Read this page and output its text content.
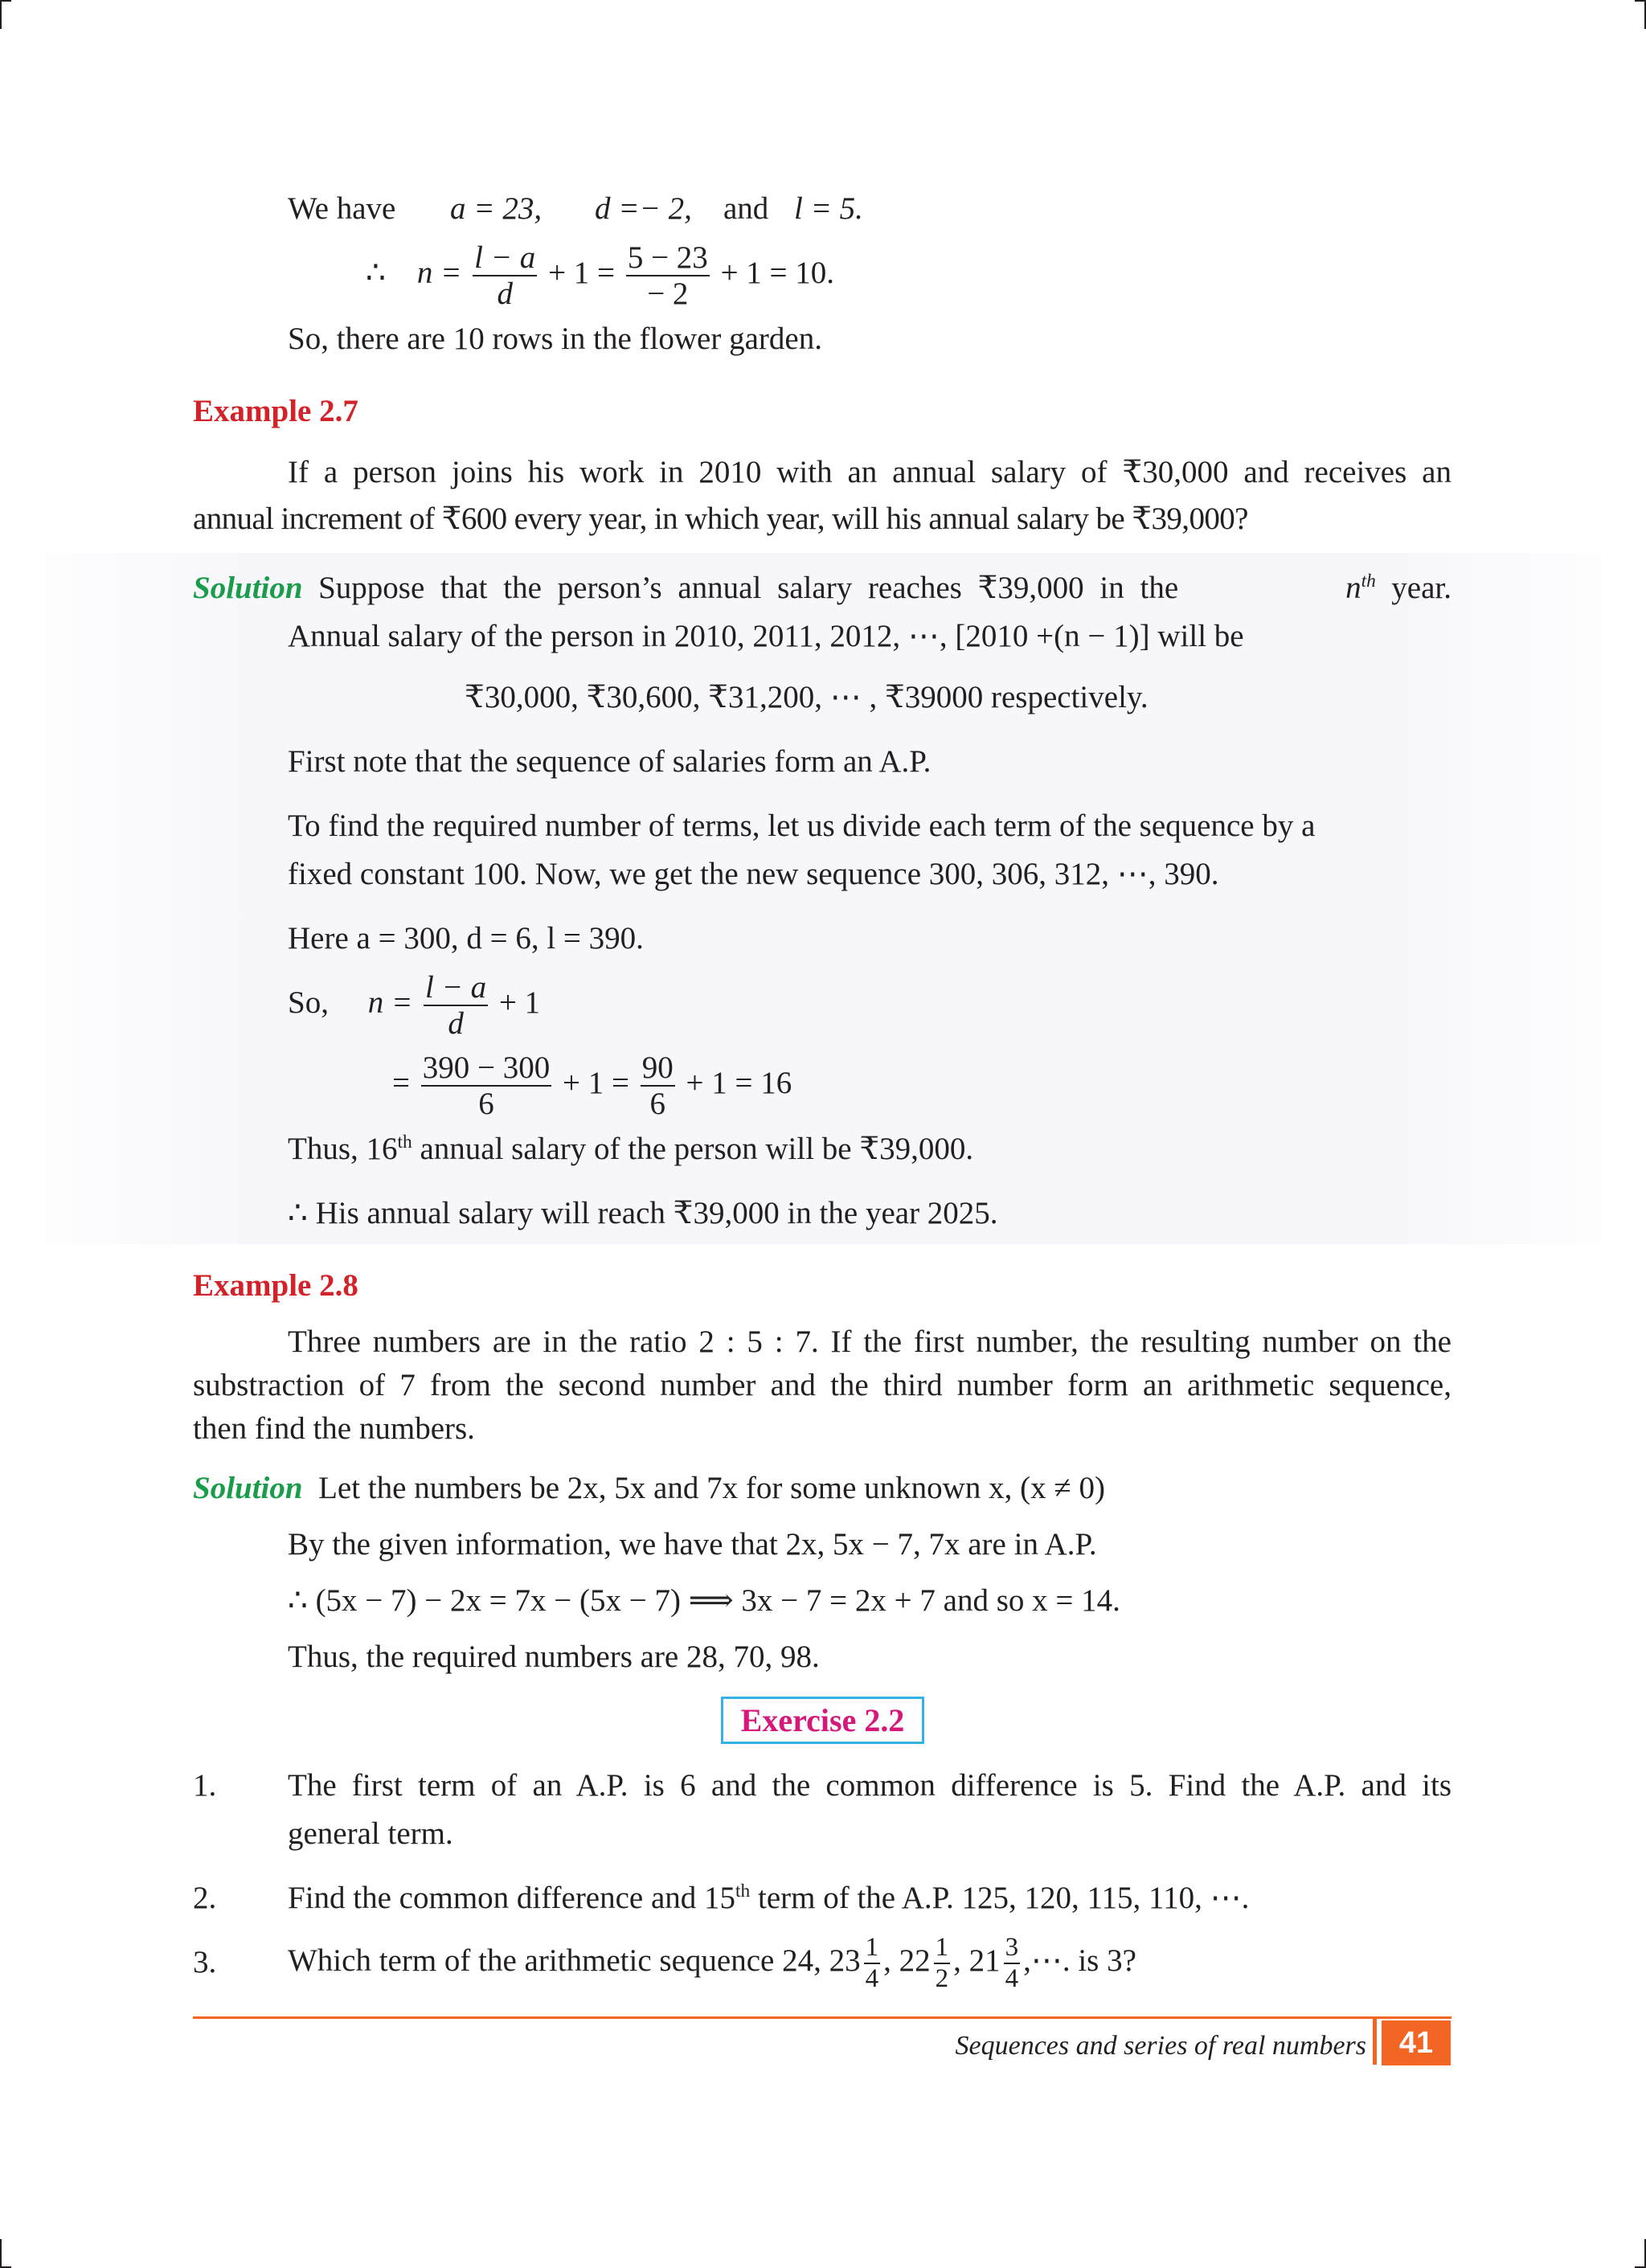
We have a = 23, d =− 2, and l = 5.
∴ $n = \frac{l - a}{d} + 1 = \frac{5 - 23}{- 2} + 1 = 10$.
So, there are 10 rows in the flower garden.
Example 2.7
If a person joins his work in 2010 with an annual salary of ₹30,000 and receives an
annual increment of ₹600 every year, in which year, will his annual salary be ₹39,000?
Solution Suppose that the person’s annual salary reaches ₹39,000 in the	$n^{th}$ year.
Annual salary of the person in 2010, 2011, 2012, ⋯, [2010 +(n − 1)] will be
₹30,000, ₹30,600, ₹31,200, ⋯ , ₹39000 respectively.
First note that the sequence of salaries form an A.P.
To find the required number of terms, let us divide each term of the sequence by a
fixed constant 100. Now, we get the new sequence 300, 306, 312, ⋯, 390.
Here a = 300, d = 6, l = 390.
So, $n = \frac{l - a}{d} + 1$
= $\frac{390 - 300}{6} + 1 = \frac{90}{6} + 1 = 16$
Thus, 16th annual salary of the person will be ₹39,000.
∴ His annual salary will reach ₹39,000 in the year 2025.
Example 2.8
Three numbers are in the ratio 2 : 5 : 7. If the first number, the resulting number on the
substraction of 7 from the second number and the third number form an arithmetic sequence,
then find the numbers.
Solution Let the numbers be 2x, 5x and 7x for some unknown x, (x ≠ 0)
By the given information, we have that 2x, 5x − 7, 7x are in A.P.
∴ (5x − 7) − 2x = 7x − (5x − 7) ⟹ 3x − 7 = 2x + 7 and so x = 14.
Thus, the required numbers are 28, 70, 98.
Exercise 2.2
1. The first term of an A.P. is 6 and the common difference is 5. Find the A.P. and its
general term.
2. Find the common difference and 15th term of the A.P. 125, 120, 115, 110, ⋯.
3. Which term of the arithmetic sequence 24, $23 \frac{1}{4}$ , $22 \frac{1}{2}$ , $21 \frac{3}{4}$ ,⋯. is 3?
Sequences and series of real numbers	41
